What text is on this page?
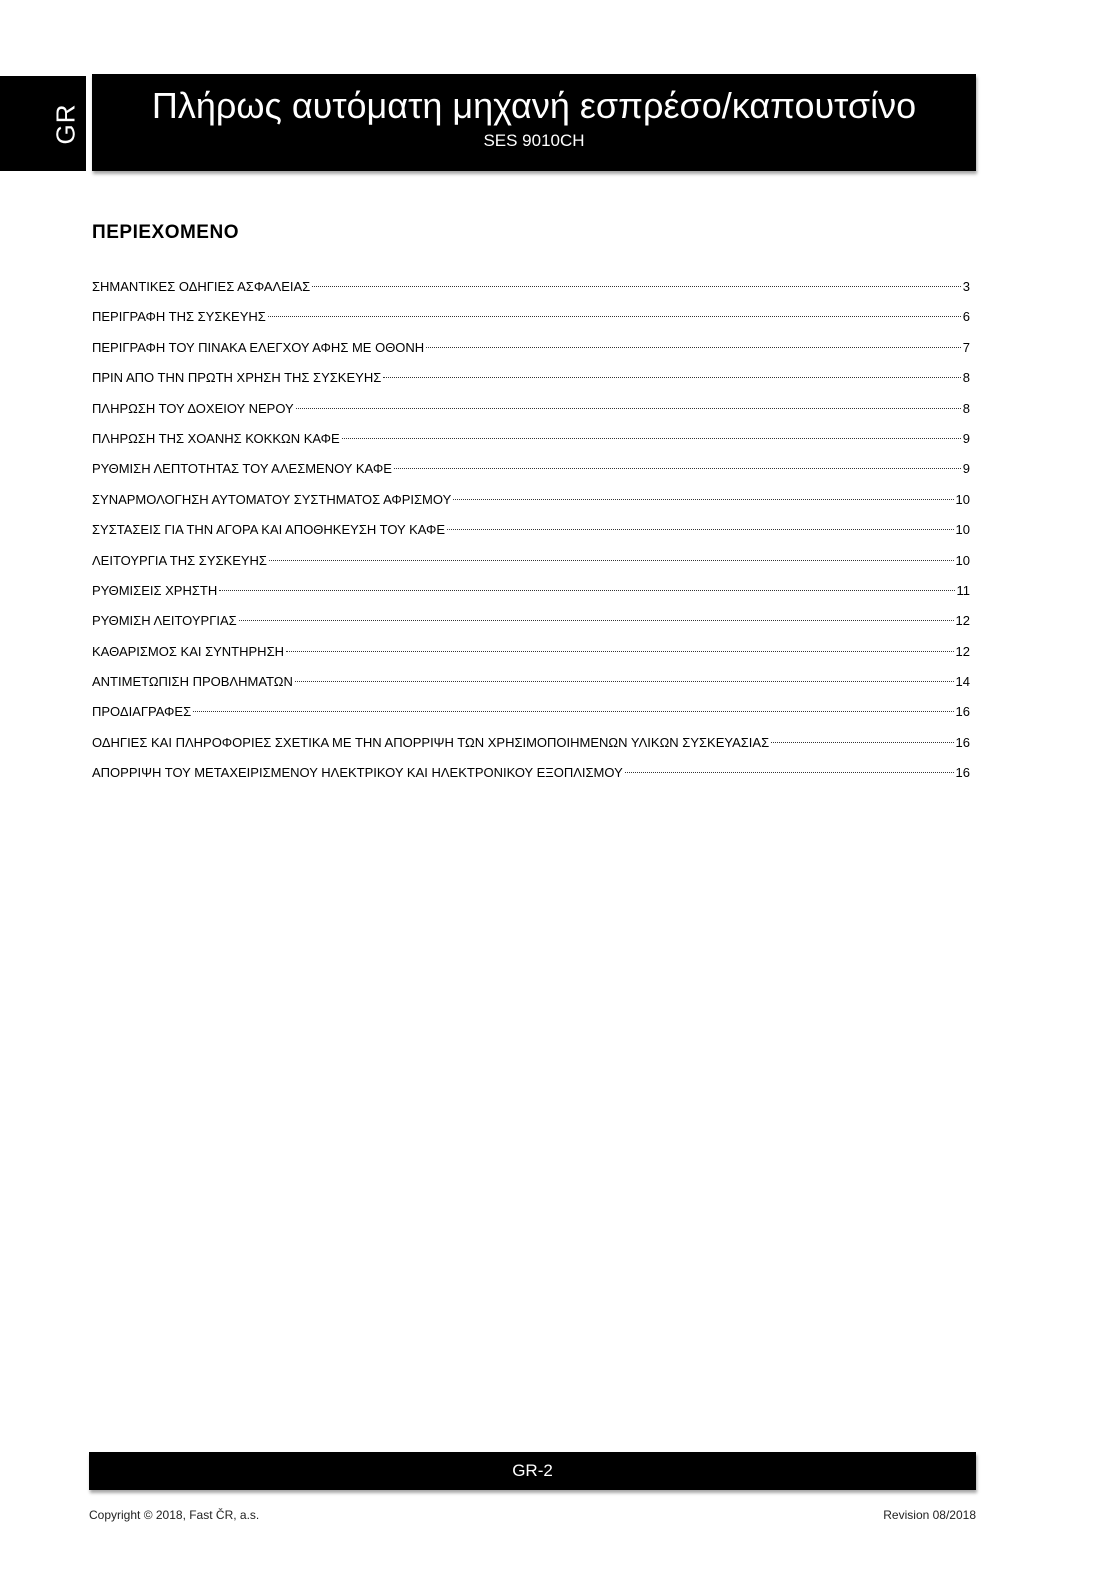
GR	Πλήρως αυτόματη μηχανή εσπρέσο/καπουτσίνο
SES 9010CH
ΠΕΡΙΕΧΟΜΕΝΟ
ΣΗΜΑΝΤΙΚΕΣ ΟΔΗΓΙΕΣ ΑΣΦΑΛΕΙΑΣ	3
ΠΕΡΙΓΡΑΦΗ ΤΗΣ ΣΥΣΚΕΥΗΣ	6
ΠΕΡΙΓΡΑΦΗ ΤΟΥ ΠΙΝΑΚΑ ΕΛΕΓΧΟΥ ΑΦΗΣ ΜΕ ΟΘΟΝΗ	7
ΠΡΙΝ ΑΠΟ ΤΗΝ ΠΡΩΤΗ ΧΡΗΣΗ ΤΗΣ ΣΥΣΚΕΥΗΣ	8
ΠΛΗΡΩΣΗ ΤΟΥ ΔΟΧΕΙΟΥ ΝΕΡΟΥ	8
ΠΛΗΡΩΣΗ ΤΗΣ ΧΟΑΝΗΣ ΚΟΚΚΩΝ ΚΑΦΕ	9
ΡΥΘΜΙΣΗ ΛΕΠΤΟΤΗΤΑΣ ΤΟΥ ΑΛΕΣΜΕΝΟΥ ΚΑΦΕ	9
ΣΥΝΑΡΜΟΛΟΓΗΣΗ ΑΥΤΟΜΑΤΟΥ ΣΥΣΤΗΜΑΤΟΣ ΑΦΡΙΣΜΟΥ	10
ΣΥΣΤΑΣΕΙΣ ΓΙΑ ΤΗΝ ΑΓΟΡΑ ΚΑΙ ΑΠΟΘΗΚΕΥΣΗ ΤΟΥ ΚΑΦΕ	10
ΛΕΙΤΟΥΡΓΙΑ ΤΗΣ ΣΥΣΚΕΥΗΣ	10
ΡΥΘΜΙΣΕΙΣ ΧΡΗΣΤΗ	11
ΡΥΘΜΙΣΗ ΛΕΙΤΟΥΡΓΙΑΣ	12
ΚΑΘΑΡΙΣΜΟΣ ΚΑΙ ΣΥΝΤΗΡΗΣΗ	12
ΑΝΤΙΜΕΤΩΠΙΣΗ ΠΡΟΒΛΗΜΑΤΩΝ	14
ΠΡΟΔΙΑΓΡΑΦΕΣ	16
ΟΔΗΓΙΕΣ ΚΑΙ ΠΛΗΡΟΦΟΡΙΕΣ ΣΧΕΤΙΚΑ ΜΕ ΤΗΝ ΑΠΟΡΡΙΨΗ ΤΩΝ ΧΡΗΣΙΜΟΠΟΙΗΜΕΝΩΝ ΥΛΙΚΩΝ ΣΥΣΚΕΥΑΣΙΑΣ	16
ΑΠΟΡΡΙΨΗ ΤΟΥ ΜΕΤΑΧΕΙΡΙΣΜΕΝΟΥ ΗΛΕΚΤΡΙΚΟΥ ΚΑΙ ΗΛΕΚΤΡΟΝΙΚΟΥ ΕΞΟΠΛΙΣΜΟΥ	16
GR-2
Copyright © 2018, Fast ČR, a.s.	Revision 08/2018
